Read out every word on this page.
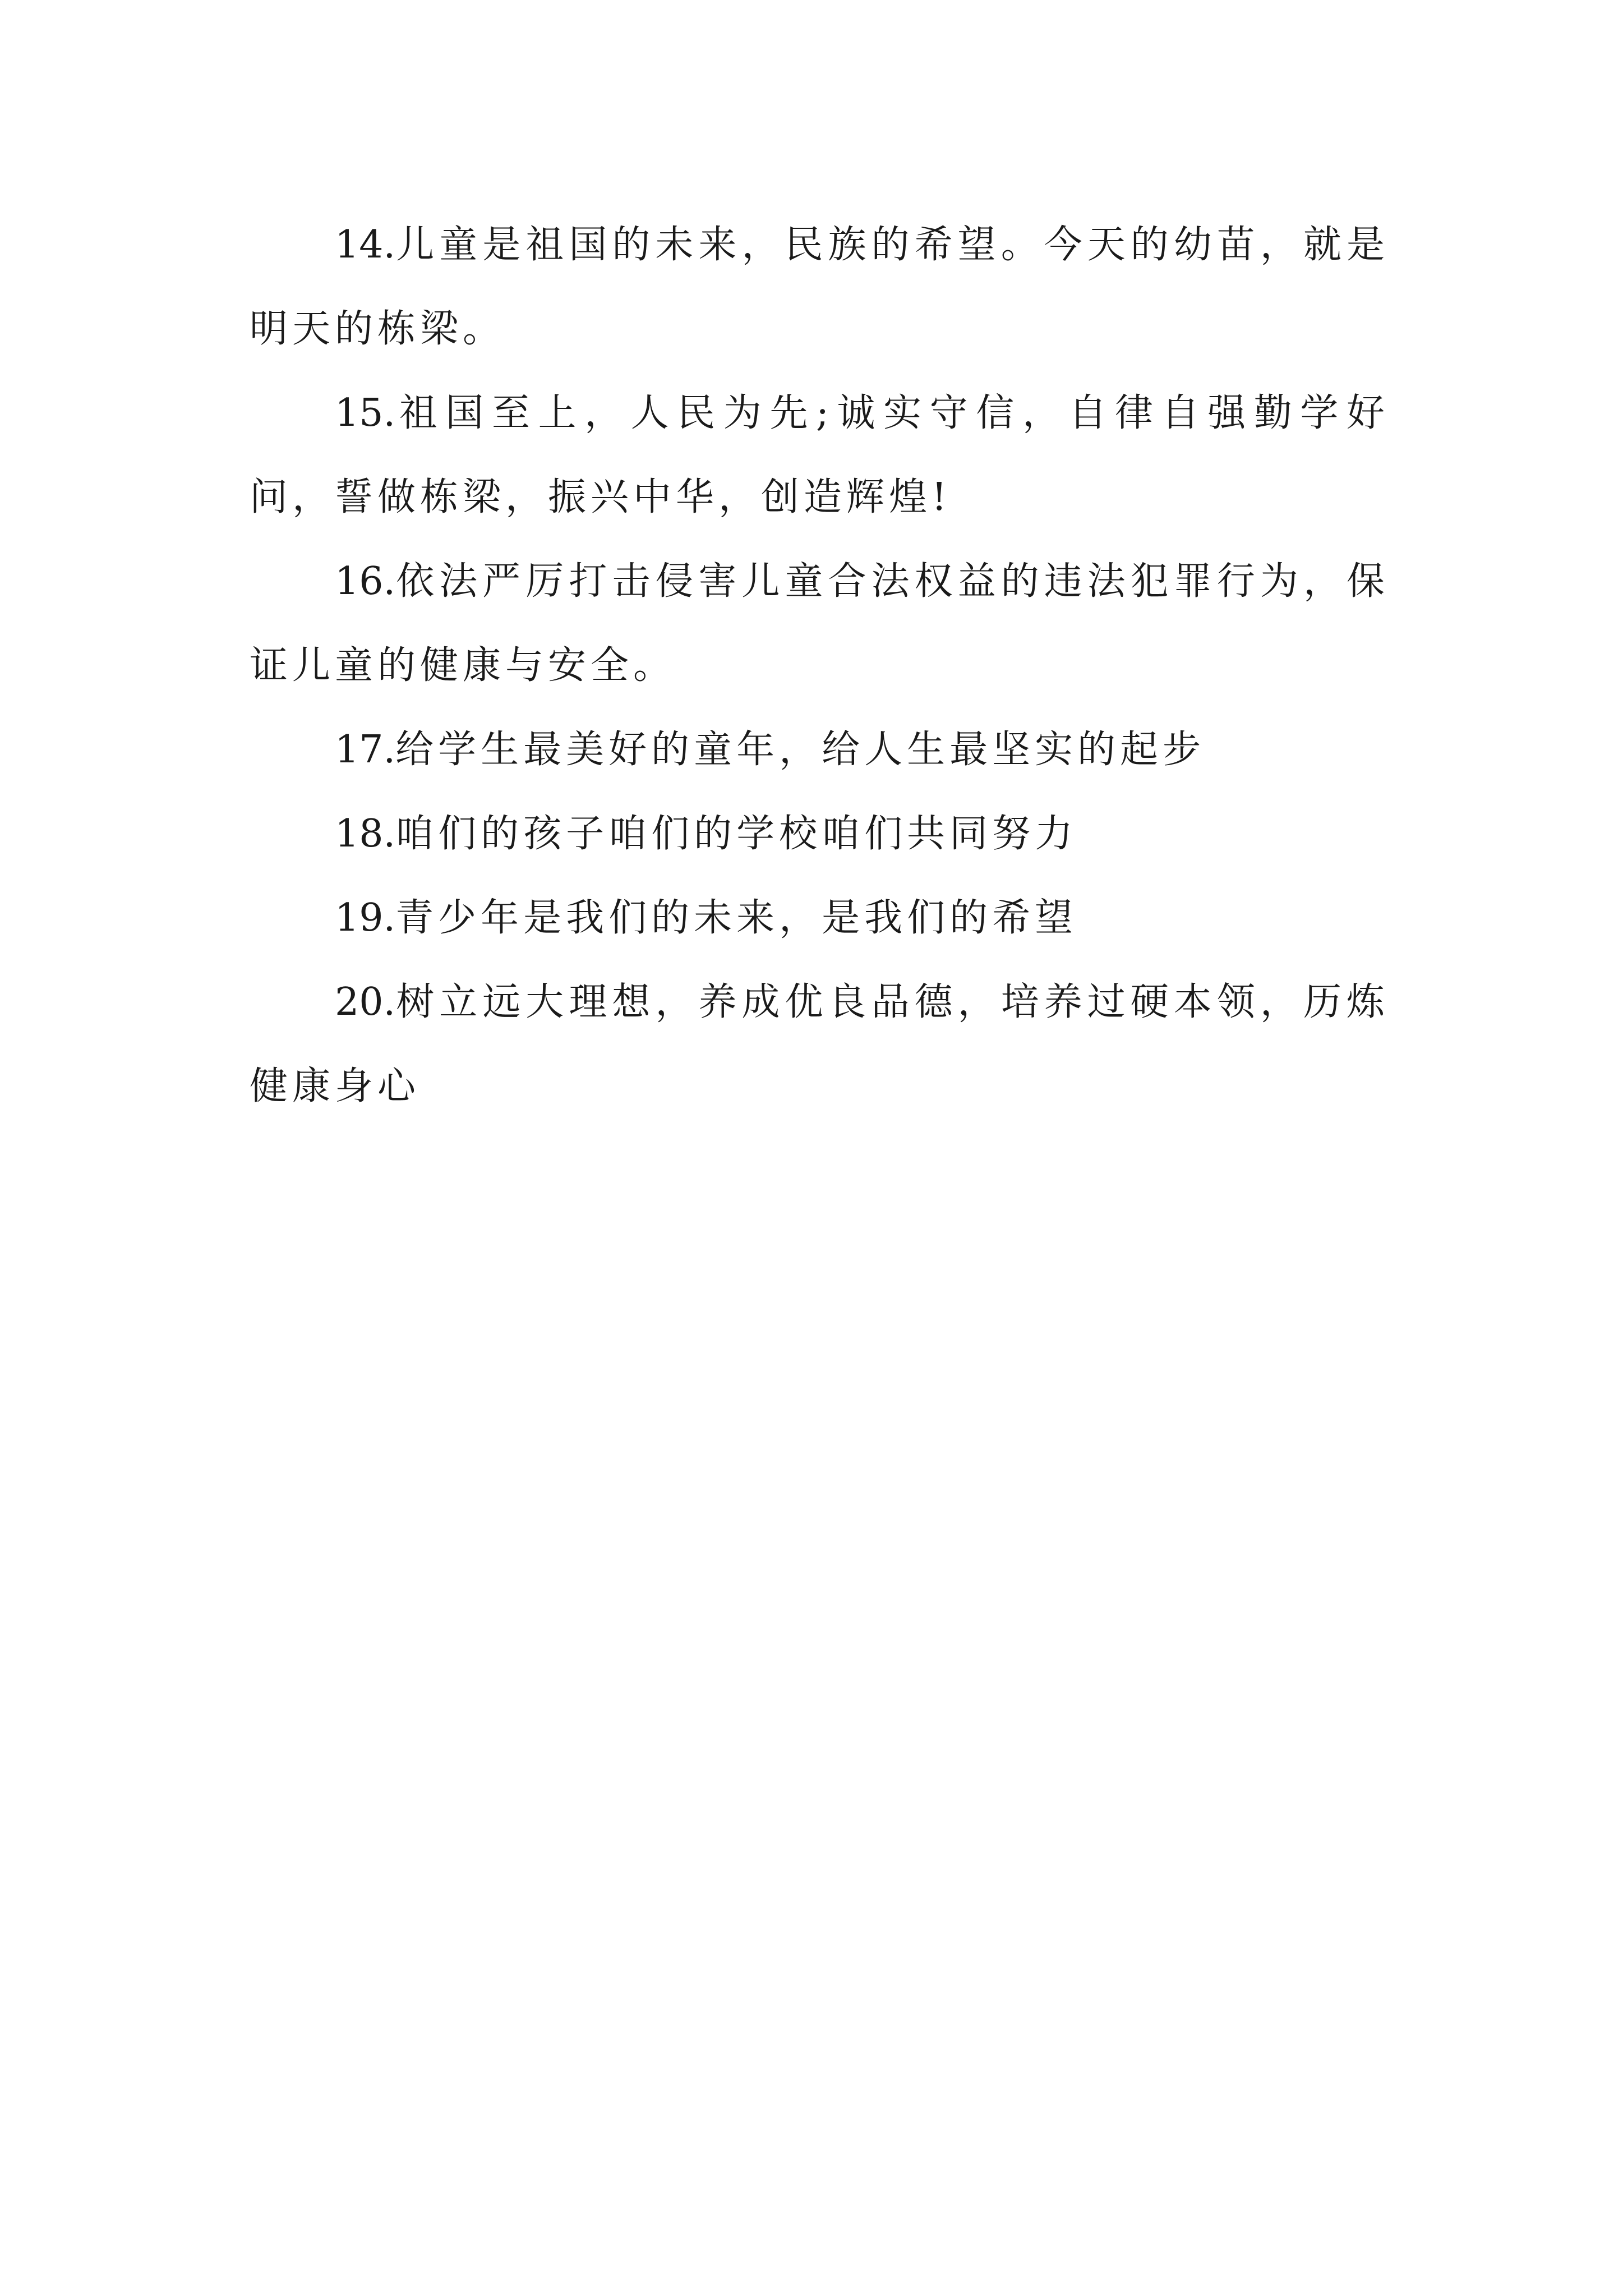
14.儿童是祖国的未来，民族的希望。今天的幼苗，就是明天的栋梁。

15.祖国至上，人民为先;诚实守信，自律自强勤学好问，誓做栋梁，振兴中华，创造辉煌!

16.依法严厉打击侵害儿童合法权益的违法犯罪行为，保证儿童的健康与安全。

17.给学生最美好的童年，给人生最坚实的起步

18.咱们的孩子咱们的学校咱们共同努力

19.青少年是我们的未来，是我们的希望

20.树立远大理想，养成优良品德，培养过硬本领，历炼健康身心
